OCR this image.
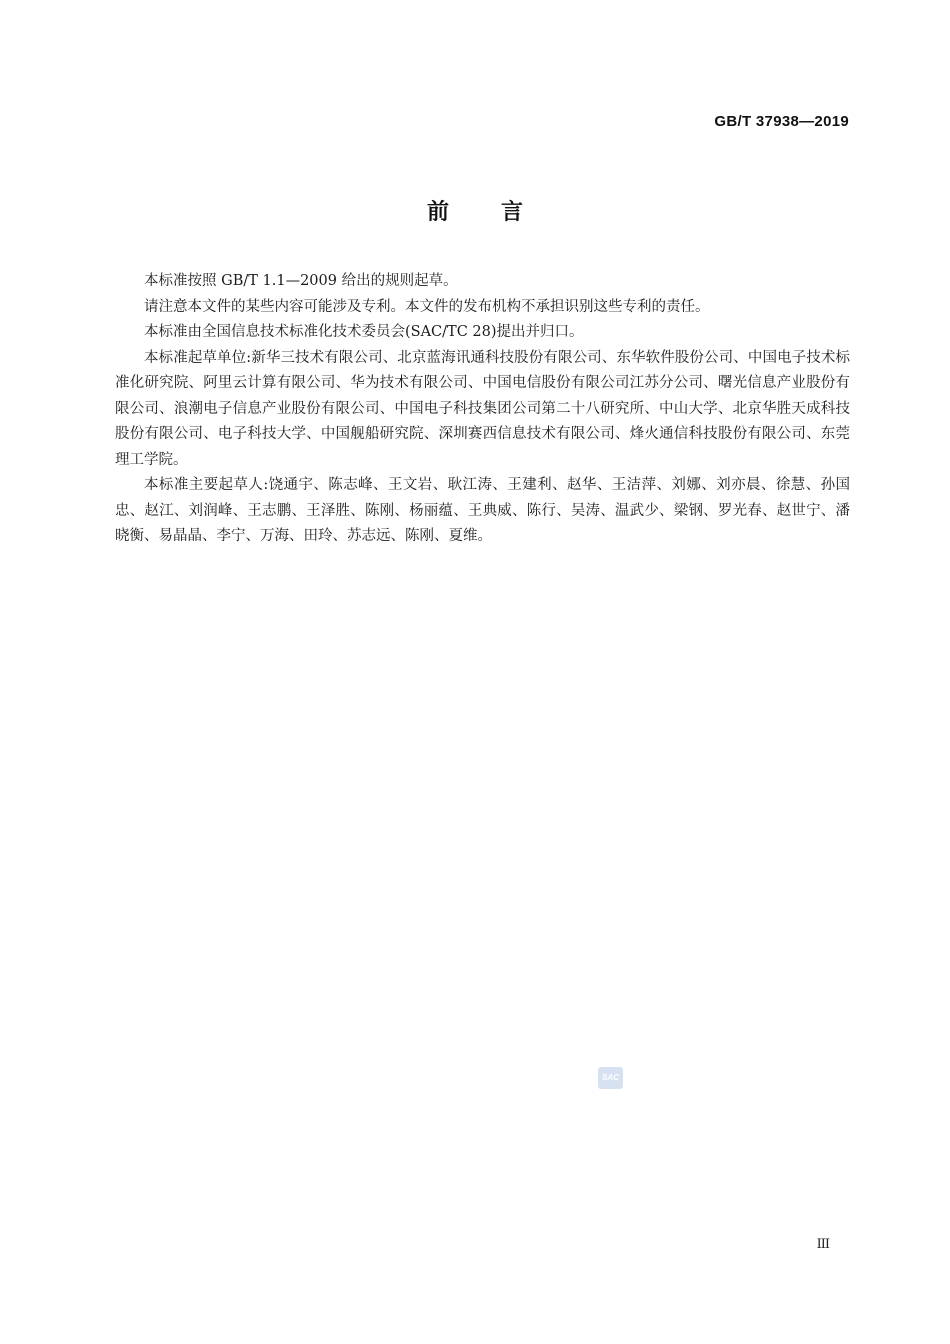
GB/T 37938—2019
前言

本标准按照 GB/T 1.1—2009 给出的规则起草。

请注意本文件的某些内容可能涉及专利。本文件的发布机构不承担识别这些专利的责任。

本标准由全国信息技术标准化技术委员会(SAC/TC 28)提出并归口。

本标准起草单位:新华三技术有限公司、北京蓝海讯通科技股份有限公司、东华软件股份公司、中国电子技术标准化研究院、阿里云计算有限公司、华为技术有限公司、中国电信股份有限公司江苏分公司、曙光信息产业股份有限公司、浪潮电子信息产业股份有限公司、中国电子科技集团公司第二十八研究所、中山大学、北京华胜天成科技股份有限公司、电子科技大学、中国舰船研究院、深圳赛西信息技术有限公司、烽火通信科技股份有限公司、东莞理工学院。

本标准主要起草人:饶通宇、陈志峰、王文岩、耿江涛、王建利、赵华、王洁萍、刘娜、刘亦晨、徐慧、孙国忠、赵江、刘润峰、王志鹏、王泽胜、陈刚、杨丽蕴、王典威、陈行、吴涛、温武少、梁钢、罗光春、赵世宁、潘晓衡、易晶晶、李宁、万海、田玲、苏志远、陈刚、夏维。

SAC
III
